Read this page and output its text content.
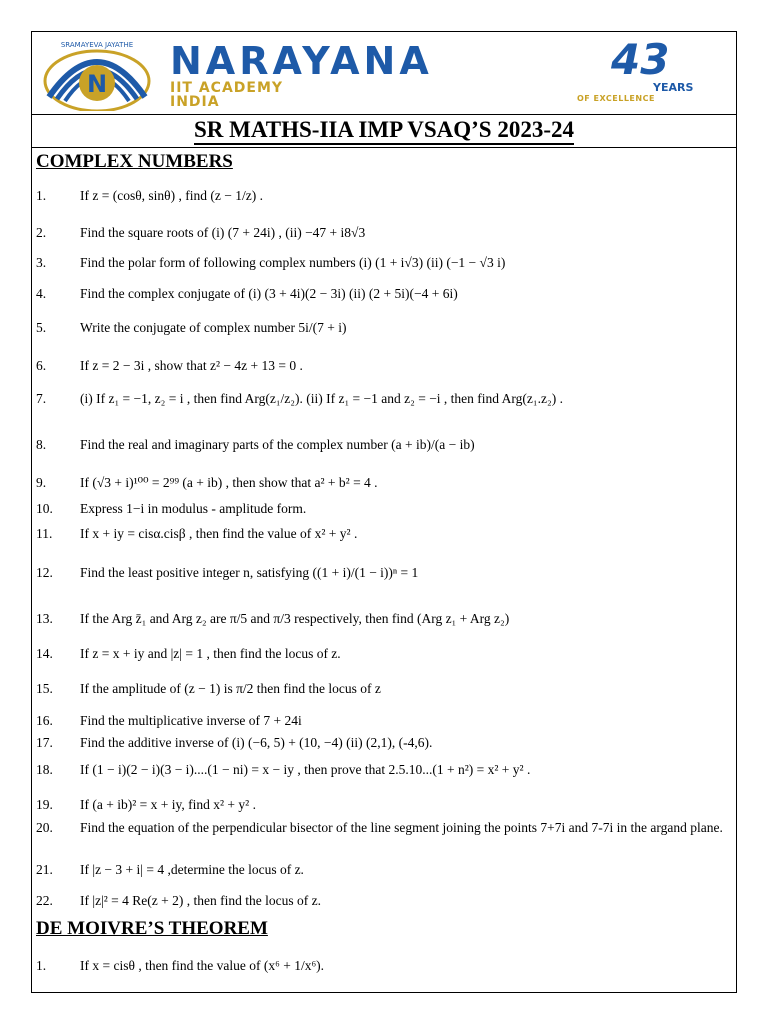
N
SRAMAYEVA JAYATHE NARAYANA
IIT ACADEMY
INDIA
43
YEARS
OF EXCELLENCE
SR MATHS-IIA IMP VSAQ’S 2023-24
COMPLEX NUMBERS
1.	If z = (cosθ, sinθ) , find (z − 1/z) .
2.	Find the square roots of (i) (7 + 24i) , (ii) −47 + i8√3
3.	Find the polar form of following complex numbers (i) (1 + i√3) (ii) (−1 − √3 i)
4.	Find the complex conjugate of (i) (3 + 4i)(2 − 3i) (ii) (2 + 5i)(−4 + 6i)
5.	Write the conjugate of complex number 5i/(7 + i)
6.	If z = 2 − 3i , show that z² − 4z + 13 = 0 .
7.	(i) If z₁ = −1, z₂ = i , then find Arg(z₁/z₂). (ii) If z₁ = −1 and z₂ = −i , then find Arg(z₁.z₂) .
8.	Find the real and imaginary parts of the complex number (a + ib)/(a − ib)
9.	If (√3 + i)¹⁰⁰ = 2⁹⁹ (a + ib) , then show that a² + b² = 4 .
10.	Express 1−i in modulus - amplitude form.
11.	If x + iy = cisα.cisβ , then find the value of x² + y² .
12.	Find the least positive integer n, satisfying ((1 + i)/(1 − i))ⁿ = 1
13.	If the Arg z̄₁ and Arg z₂ are π/5 and π/3 respectively, then find (Arg z₁ + Arg z₂)
14.	If z = x + iy and |z| = 1 , then find the locus of z.
15.	If the amplitude of (z − 1) is π/2 then find the locus of z
16.	Find the multiplicative inverse of 7 + 24i
17.	Find the additive inverse of (i) (−6, 5) + (10, −4) (ii) (2,1), (-4,6).
18.	If (1 − i)(2 − i)(3 − i)....(1 − ni) = x − iy , then prove that 2.5.10...(1 + n²) = x² + y² .
19.	If (a + ib)² = x + iy, find x² + y² .
20.	Find the equation of the perpendicular bisector of the line segment joining the points 7+7i and 7-7i in the argand plane.
21.	If |z − 3 + i| = 4 ,determine the locus of z.
22.	If |z|² = 4 Re(z + 2) , then find the locus of z.
DE MOIVRE’S THEOREM
1.	If x = cisθ , then find the value of (x⁶ + 1/x⁶).
